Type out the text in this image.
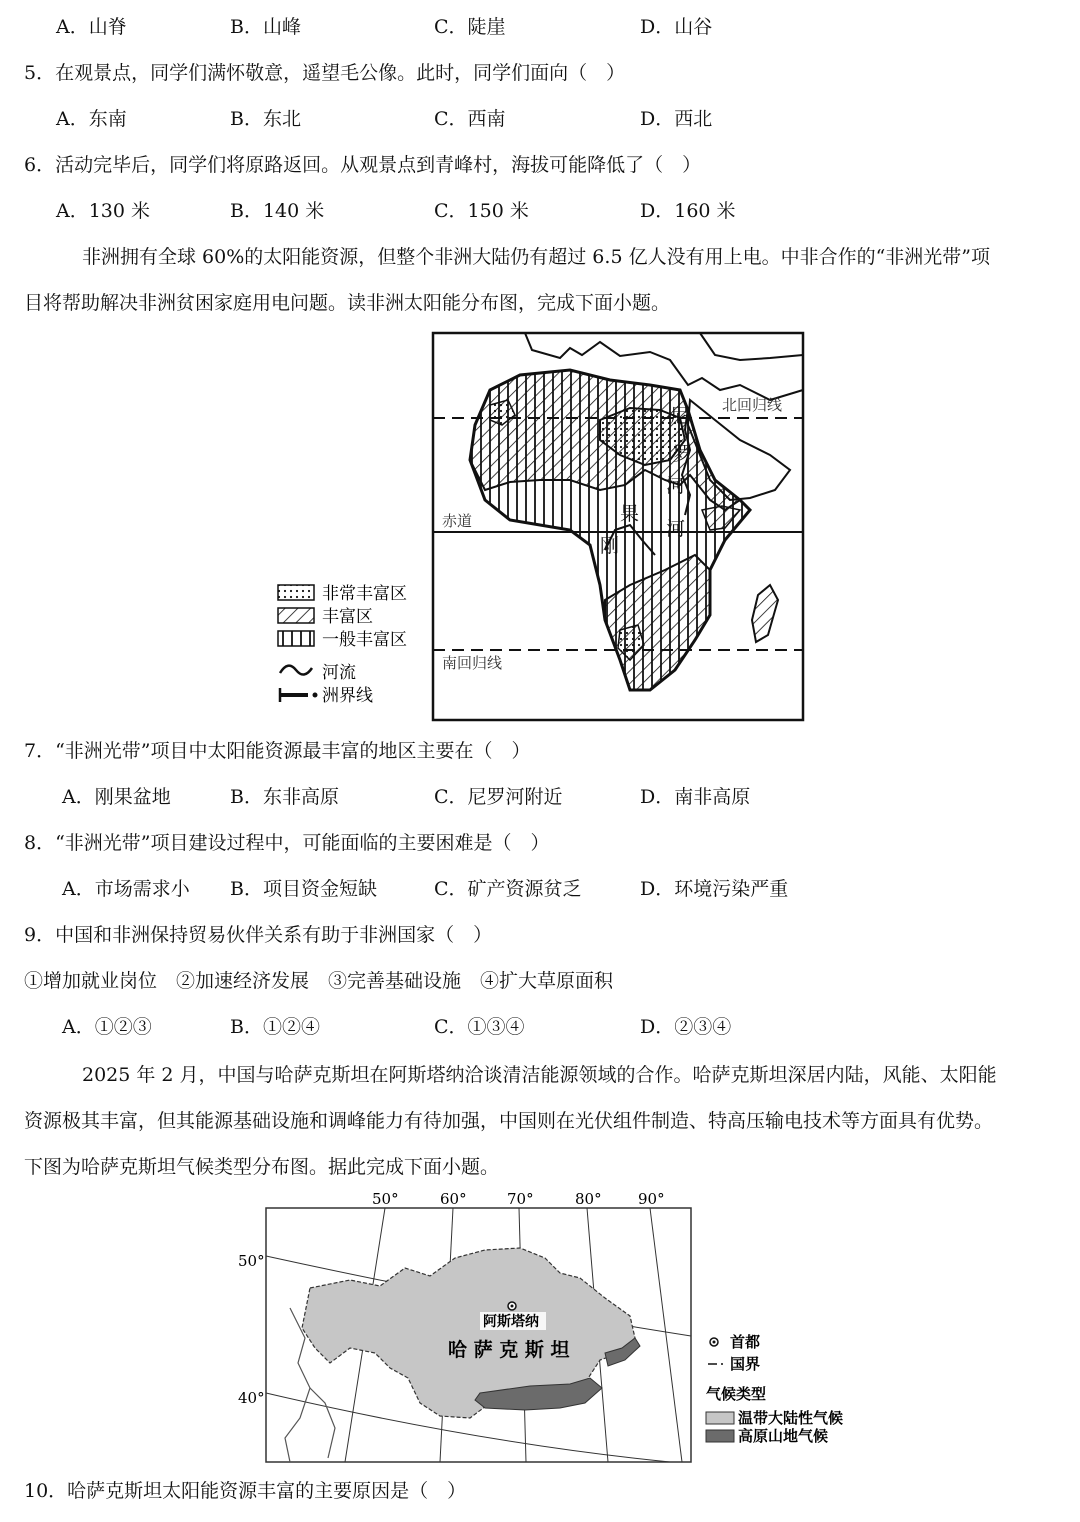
A．山脊	B．山峰	C．陡崖	D．山谷
5．在观景点，同学们满怀敬意，遥望毛公像。此时，同学们面向（　）
A．东南	B．东北	C．西南	D．西北
6．活动完毕后，同学们将原路返回。从观景点到青峰村，海拔可能降低了（　）
A．130 米	B．140 米	C．150 米	D．160 米
非洲拥有全球 60%的太阳能资源，但整个非洲大陆仍有超过 6.5 亿人没有用上电。中非合作的“非洲光带”项
目将帮助解决非洲贫困家庭用电问题。读非洲太阳能分布图，完成下面小题。
北回归线
赤道
南回归线
尼
罗
河
刚
果
河
非常丰富区
丰富区
一般丰富区
河流
洲界线
7．“非洲光带”项目中太阳能资源最丰富的地区主要在（　）
A．刚果盆地	B．东非高原	C．尼罗河附近	D．南非高原
8．“非洲光带”项目建设过程中，可能面临的主要困难是（　）
A．市场需求小 B．项目资金短缺	C．矿产资源贫乏	D．环境污染严重
9．中国和非洲保持贸易伙伴关系有助于非洲国家（　）
①增加就业岗位　②加速经济发展　③完善基础设施　④扩大草原面积
A．①②③	B．①②④	C．①③④	D．②③④
2025 年 2 月，中国与哈萨克斯坦在阿斯塔纳洽谈清洁能源领域的合作。哈萨克斯坦深居内陆，风能、太阳能
资源极其丰富，但其能源基础设施和调峰能力有待加强，中国则在光伏组件制造、特高压输电技术等方面具有优势。
下图为哈萨克斯坦气候类型分布图。据此完成下面小题。
50°	60°	70°	80° 90°
50°
40°
阿斯塔纳
哈 萨 克 斯 坦	首都
国界
气候类型
温带大陆性气候
高原山地气候
10．哈萨克斯坦太阳能资源丰富的主要原因是（　）
